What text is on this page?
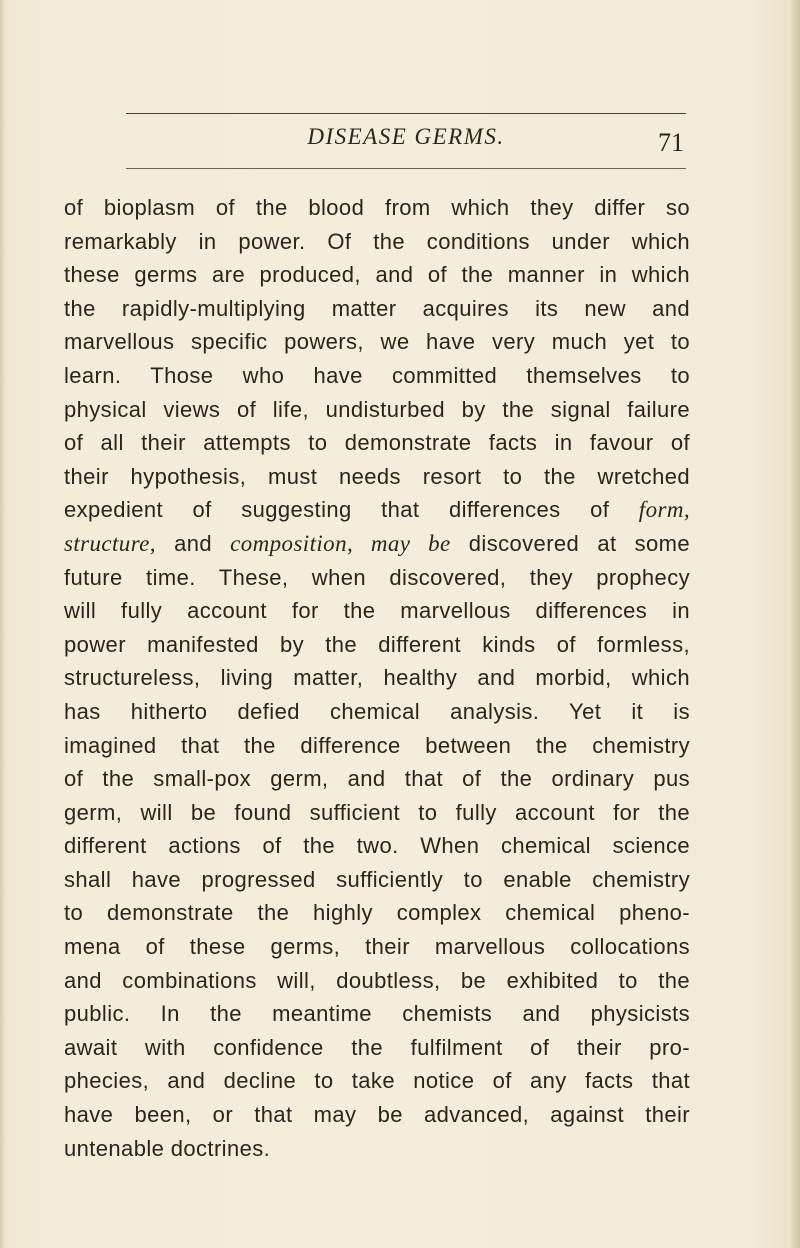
DISEASE GERMS.	71
of bioplasm of the blood from which they differ so
remarkably in power. Of the conditions under which
these germs are produced, and of the manner in which
the rapidly-multiplying matter acquires its new and
marvellous specific powers, we have very much yet to
learn. Those who have committed themselves to
physical views of life, undisturbed by the signal failure
of all their attempts to demonstrate facts in favour of
their hypothesis, must needs resort to the wretched
expedient of suggesting that differences of form,
structure, and composition, may be discovered at some
future time. These, when discovered, they prophecy
will fully account for the marvellous differences in
power manifested by the different kinds of formless,
structureless, living matter, healthy and morbid, which
has hitherto defied chemical analysis. Yet it is
imagined that the difference between the chemistry
of the small-pox germ, and that of the ordinary pus
germ, will be found sufficient to fully account for the
different actions of the two. When chemical science
shall have progressed sufficiently to enable chemistry
to demonstrate the highly complex chemical pheno-
mena of these germs, their marvellous collocations
and combinations will, doubtless, be exhibited to the
public. In the meantime chemists and physicists
await with confidence the fulfilment of their pro-
phecies, and decline to take notice of any facts that
have been, or that may be advanced, against their
untenable doctrines.
